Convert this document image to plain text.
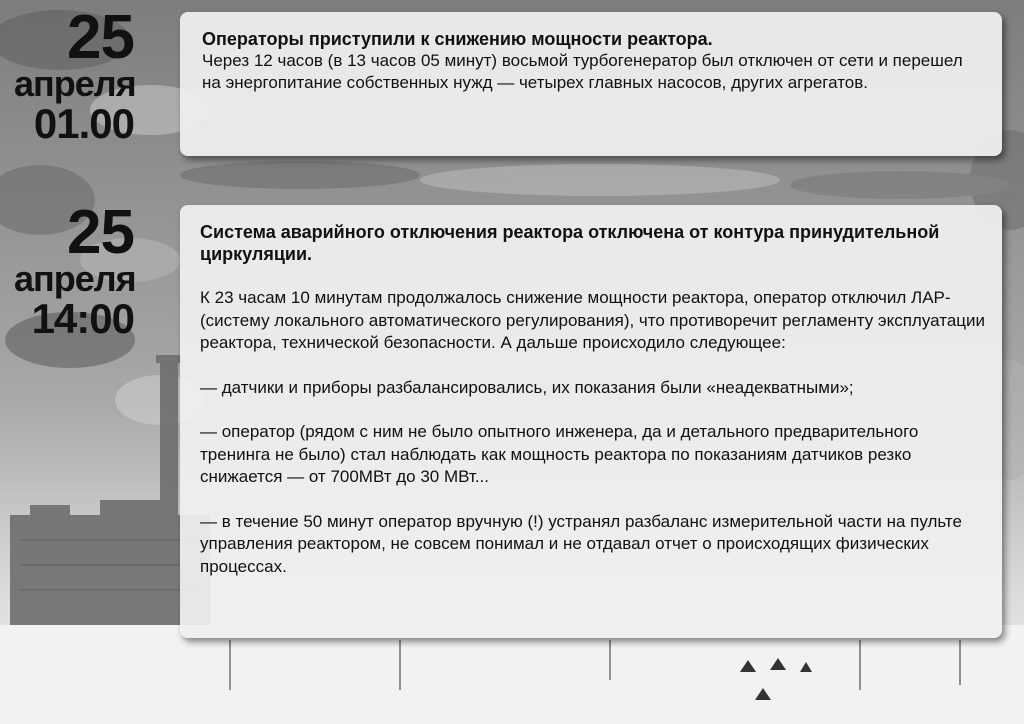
25
апреля
01.00
25
апреля
14:00

Операторы приступили к снижению мощности реактора.

Через 12 часов (в 13 часов 05 минут) восьмой турбогенератор был отключен от сети и перешел на энергопитание собственных нужд — четырех главных насосов, других агрегатов.

Система аварийного отключения реактора отключена от контура принудительной циркуляции.

К 23 часам 10 минутам продолжалось снижение мощности реактора, оператор отключил ЛАР-(систему локального автоматического регулирования), что противоречит регламенту эксплуатации реактора, технической безопасности. А дальше происходило следующее:

— датчики и приборы разбалансировались, их показания были «неадекватными»;

— оператор (рядом с ним не было опытного инженера, да и детального предварительного тренинга не было) стал наблюдать как мощность реактора по показаниям датчиков резко снижается — от 700МВт до 30 МВт...

— в течение 50 минут оператор вручную (!) устранял разбаланс измерительной части на пульте управления реактором, не совсем понимал и не отдавал отчет о происходящих физических процессах.
